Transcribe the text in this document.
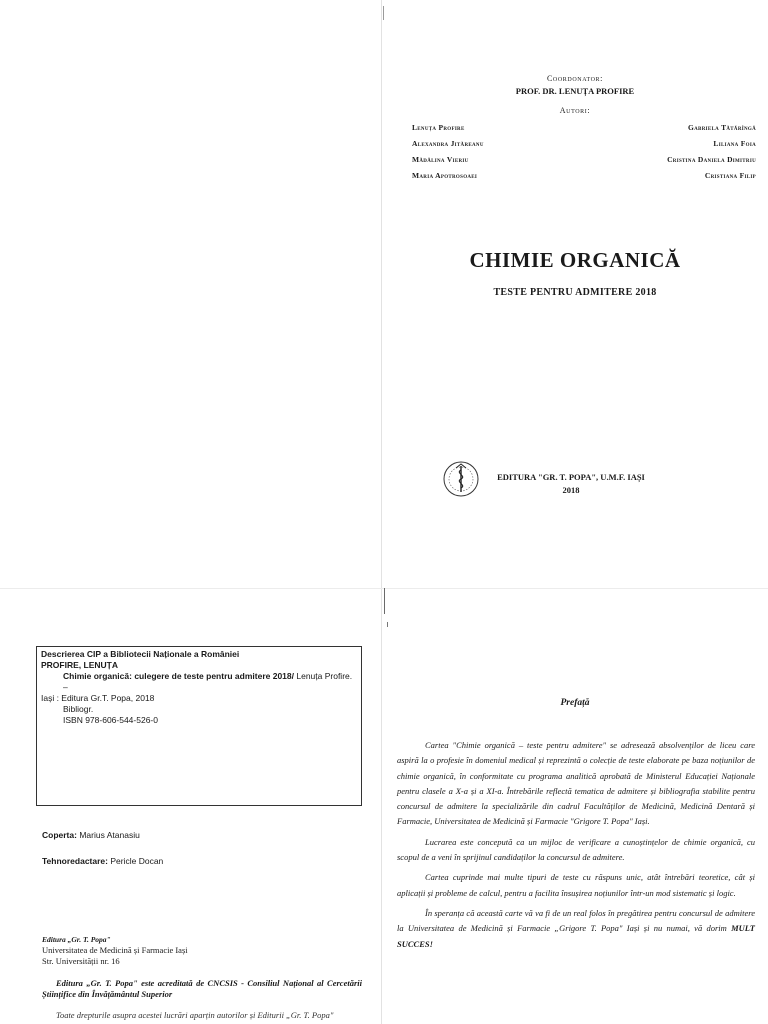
Coordonator:
PROF. DR. LENUȚA PROFIRE
Autori:
Lenuța Profire
Alexandra Jităreanu
Mădălina Vieriu
Maria Apotrosoaei
Gabriela Tătărîngă
Liliana Foia
Cristina Daniela Dimitriu
Cristiana Filip
CHIMIE ORGANICĂ
TESTE PENTRU ADMITERE 2018
EDITURA "GR. T. POPA", U.M.F. IAȘI
2018
Descrierea CIP a Bibliotecii Naționale a României
PROFIRE, LENUȚA
Chimie organică: culegere de teste pentru admitere 2018/ Lenuța Profire. –
Iași : Editura Gr.T. Popa, 2018
Bibliogr.
ISBN 978-606-544-526-0
Coperta: Marius Atanasiu
Tehnoredactare: Pericle Docan
Editura „Gr. T. Popa"
Universitatea de Medicină și Farmacie Iași
Str. Universității nr. 16
Editura „Gr. T. Popa" este acreditată de CNCSIS - Consiliul Național al Cercetării Științifice din Învățământul Superior
Toate drepturile asupra acestei lucrări aparțin autorilor și Editurii „Gr. T. Popa"
Prefață

Cartea "Chimie organică – teste pentru admitere" se adresează absolvenților de liceu care aspiră la o profesie în domeniul medical și reprezintă o colecție de teste elaborate pe baza noțiunilor de chimie organică, în conformitate cu programa analitică aprobată de Ministerul Educației Naționale pentru clasele a X-a și a XI-a. Întrebările reflectă tematica de admitere și bibliografia stabilite pentru concursul de admitere la specializările din cadrul Facultăților de Medicină, Medicină Dentară și Farmacie, Universitatea de Medicină și Farmacie "Grigore T. Popa" Iași.

Lucrarea este concepută ca un mijloc de verificare a cunoștințelor de chimie organică, cu scopul de a veni în sprijinul candidaților la concursul de admitere.

Cartea cuprinde mai multe tipuri de teste cu răspuns unic, atât întrebări teoretice, cât și aplicații și probleme de calcul, pentru a facilita însușirea noțiunilor într-un mod sistematic și logic.

În speranța că această carte vă va fi de un real folos în pregătirea pentru concursul de admitere la Universitatea de Medicină și Farmacie „Grigore T. Popa" Iași și nu numai, vă dorim MULT SUCCES!
